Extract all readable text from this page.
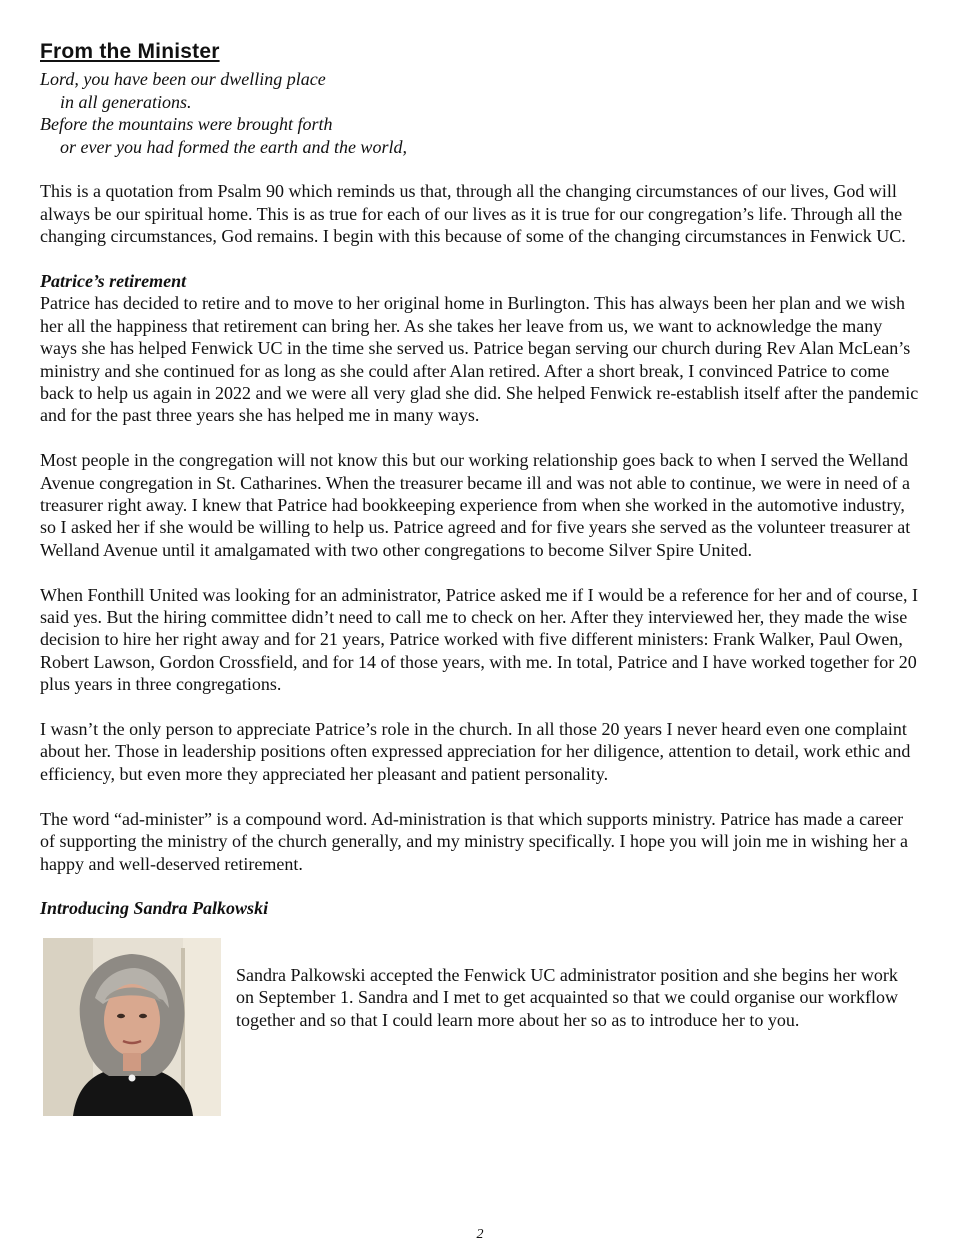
From the Minister
Lord, you have been our dwelling place
in all generations.
Before the mountains were brought forth
or ever you had formed the earth and the world,

This is a quotation from Psalm 90 which reminds us that, through all the changing circumstances of our lives, God will always be our spiritual home. This is as true for each of our lives as it is true for our congregation’s life. Through all the changing circumstances, God remains. I begin with this because of some of the changing circumstances in Fenwick UC.

Patrice’s retirement

Patrice has decided to retire and to move to her original home in Burlington. This has always been her plan and we wish her all the happiness that retirement can bring her. As she takes her leave from us, we want to acknowledge the many ways she has helped Fenwick UC in the time she served us. Patrice began serving our church during Rev Alan McLean’s ministry and she continued for as long as she could after Alan retired. After a short break, I convinced Patrice to come back to help us again in 2022 and we were all very glad she did. She helped Fenwick re-establish itself after the pandemic and for the past three years she has helped me in many ways.

Most people in the congregation will not know this but our working relationship goes back to when I served the Welland Avenue congregation in St. Catharines. When the treasurer became ill and was not able to continue, we were in need of a treasurer right away. I knew that Patrice had bookkeeping experience from when she worked in the automotive industry, so I asked her if she would be willing to help us. Patrice agreed and for five years she served as the volunteer treasurer at Welland Avenue until it amalgamated with two other congregations to become Silver Spire United.

When Fonthill United was looking for an administrator, Patrice asked me if I would be a reference for her and of course, I said yes. But the hiring committee didn’t need to call me to check on her. After they interviewed her, they made the wise decision to hire her right away and for 21 years, Patrice worked with five different ministers: Frank Walker, Paul Owen, Robert Lawson, Gordon Crossfield, and for 14 of those years, with me. In total, Patrice and I have worked together for 20 plus years in three congregations.

I wasn’t the only person to appreciate Patrice’s role in the church. In all those 20 years I never heard even one complaint about her. Those in leadership positions often expressed appreciation for her diligence, attention to detail, work ethic and efficiency, but even more they appreciated her pleasant and patient personality.

The word “ad-minister” is a compound word. Ad-ministration is that which supports ministry. Patrice has made a career of supporting the ministry of the church generally, and my ministry specifically. I hope you will join me in wishing her a happy and well-deserved retirement.

Introducing Sandra Palkowski
Sandra Palkowski accepted the Fenwick UC administrator position and she begins her work on September 1. Sandra and I met to get acquainted so that we could organise our workflow together and so that I could learn more about her so as to introduce her to you.
2
